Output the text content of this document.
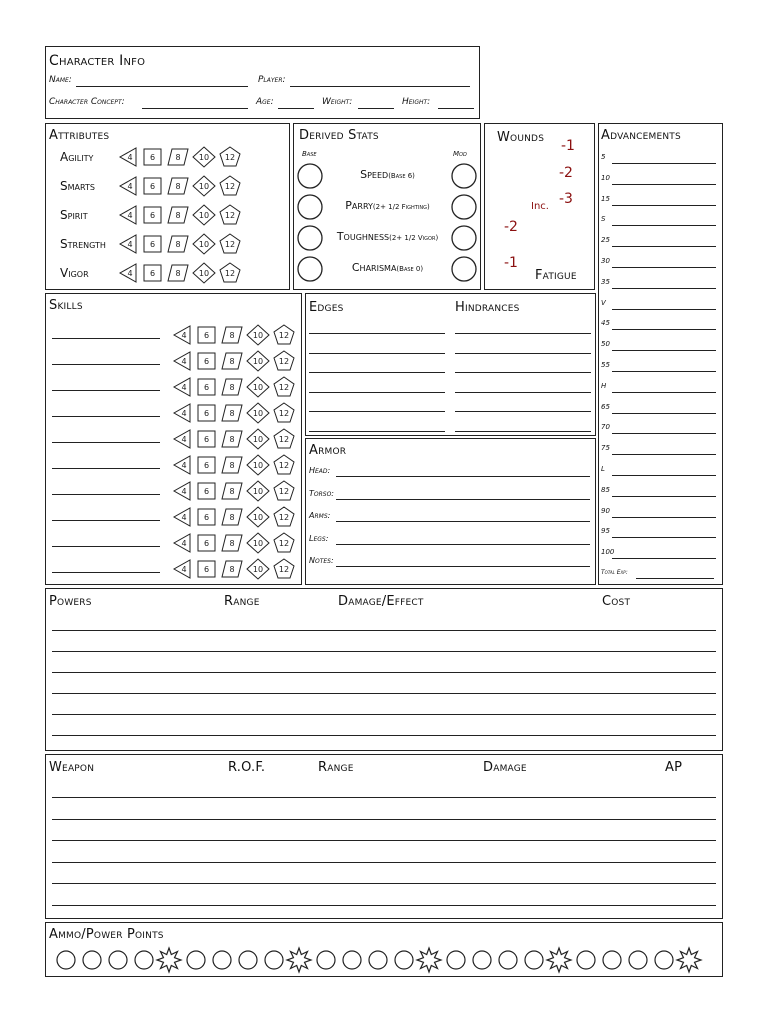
Character Info
Name:	Player:
Character Concept:	Age:	Weight:	Height:
Attributes
Agility	4 6	8 10 12
Smarts	4 6	8 10 12
Spirit	4 6	8 10 12
Strength	4 6	8 10 12
Vigor	4 6	8 10 12
Derived Stats
Base	Mod
Speed(Base 6)
Parry(2+ 1/2 Fighting)
Toughness(2+ 1/2 Vigor)
Charisma(Base 0)
Wounds
-1
-2
-3
Inc.
-2
-1
Fatigue
Advancements
5
10
15
S
25
30
35
V
45
50
55
H
65
70
75
L
85
90
95
100
Total Exp:
Skills
4 6	8 10 12
4 6	8 10 12
4 6	8 10 12
4 6	8 10 12
4 6	8 10 12
4 6	8 10 12
4 6	8 10 12
4 6	8 10 12
4 6	8 10 12
4 6	8 10 12
Edges	Hindrances
Armor
Head:
Torso:
Arms:
Legs:
Notes:
Powers	Range	Damage/Effect	Cost
Weapon	R.O.F.	Range	Damage	AP
Ammo/Power Points
